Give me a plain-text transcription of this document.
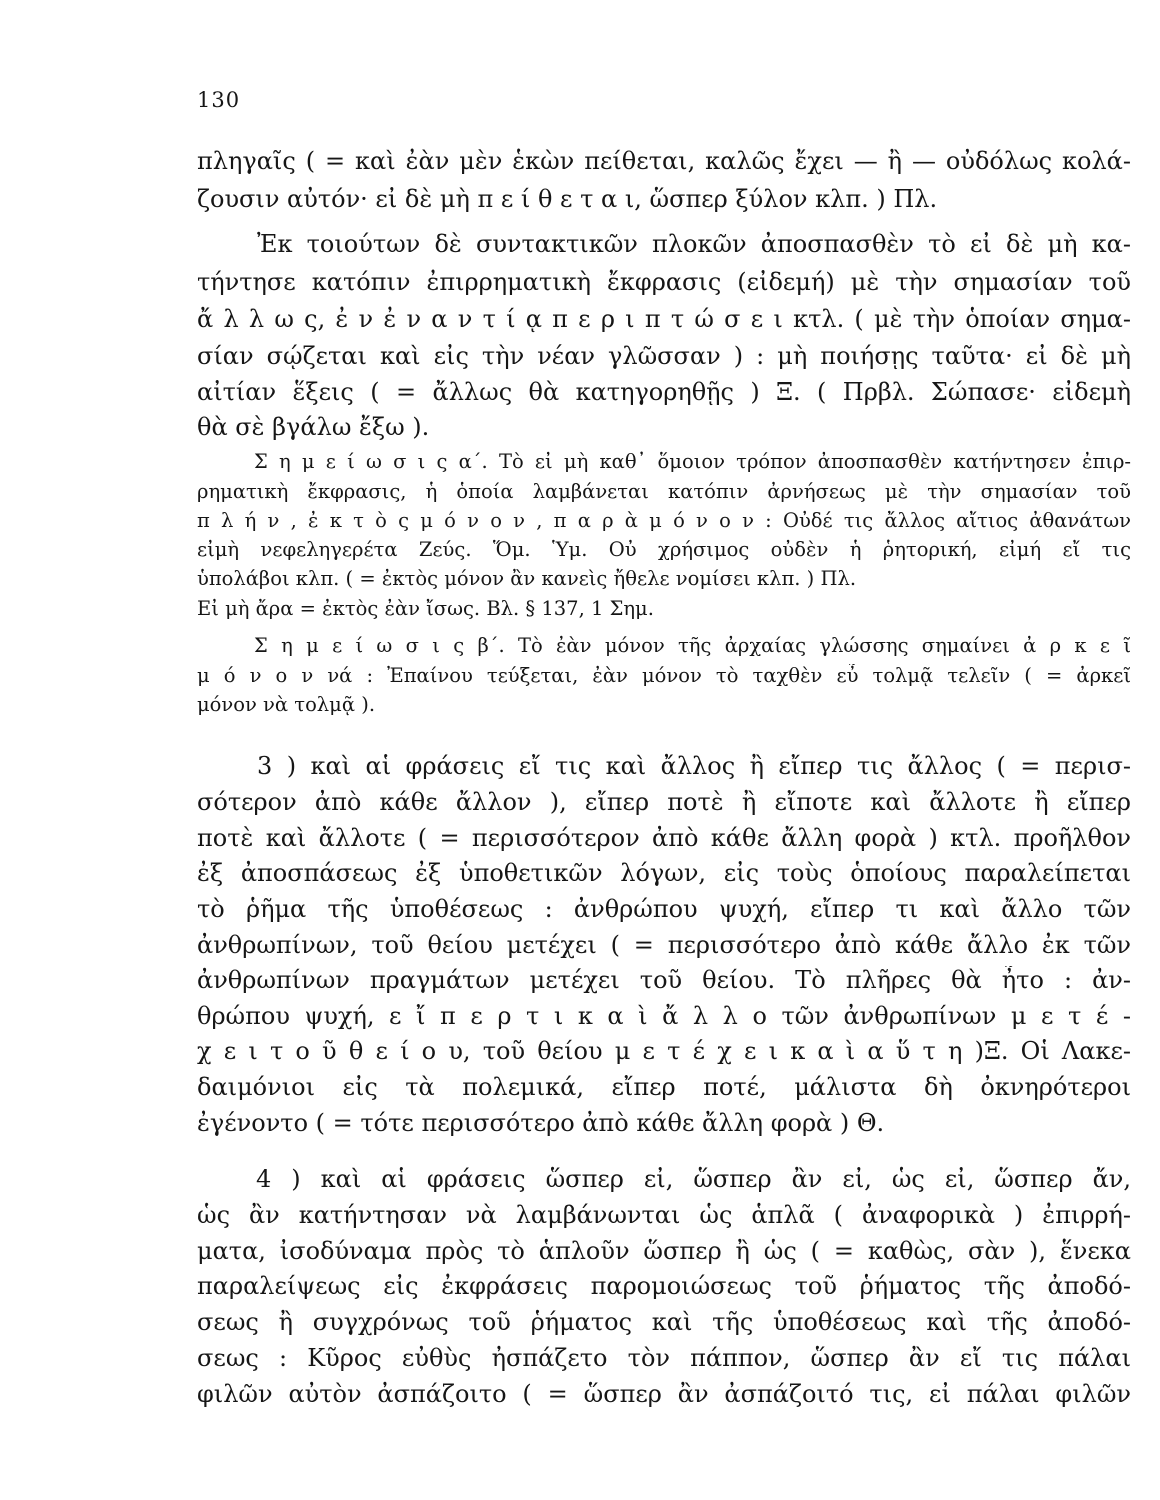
130
πληγαῖς ( = καὶ ἐὰν μὲν ἑκὼν πείθεται, καλῶς ἔχει — ἢ — οὐδόλως κολά-
ζουσιν αὐτόν· εἰ δὲ μὴ π ε ί θ ε τ α ι, ὥσπερ ξύλον κλπ. ) Πλ.
Ἐκ τοιούτων δὲ συντακτικῶν πλοκῶν ἀποσπασθὲν τὸ εἰ δὲ μὴ κα-
τήντησε κατόπιν ἐπιρρηματικὴ ἔκφρασις (εἰδεμή) μὲ τὴν σημασίαν τοῦ
ἄ λ λ ω ς, ἐ ν ἐ ν α ν τ ί ᾳ π ε ρ ι π τ ώ σ ε ι κτλ. ( μὲ τὴν ὁποίαν σημα-
σίαν σῴζεται καὶ εἰς τὴν νέαν γλῶσσαν ) : μὴ ποιήσῃς ταῦτα· εἰ δὲ μὴ
αἰτίαν ἕξεις ( = ἄλλως θὰ κατηγορηθῇς ) Ξ. ( Πρβλ. Σώπασε· εἰδεμὴ
θὰ σὲ βγάλω ἔξω ).
Σ η μ ε ί ω σ ι ς α΄. Τὸ εἰ μὴ καθ᾽ ὅμοιον τρόπον ἀποσπασθὲν κατήντησεν ἐπιρ-
ρηματικὴ ἔκφρασις, ἡ ὁποία λαμβάνεται κατόπιν ἀρνήσεως μὲ τὴν σημασίαν τοῦ
π λ ή ν , ἐ κ τ ὸ ς μ ό ν ο ν , π α ρ ὰ μ ό ν ο ν : Οὐδέ τις ἄλλος αἴτιος ἀθανάτων
εἰμὴ νεφεληγερέτα Ζεύς. Ὅμ. Ὑμ. Οὐ χρήσιμος οὐδὲν ἡ ῥητορική, εἰμή εἴ τις
ὑπολάβοι κλπ. ( = ἐκτὸς μόνον ἂν κανεὶς ἤθελε νομίσει κλπ. ) Πλ.
Εἰ μὴ ἄρα = ἐκτὸς ἐὰν ἴσως. Βλ. § 137, 1 Σημ.
Σ η μ ε ί ω σ ι ς β΄. Τὸ ἐὰν μόνον τῆς ἀρχαίας γλώσσης σημαίνει ἀ ρ κ ε ῖ
μ ό ν ο ν νά : Ἐπαίνου τεύξεται, ἐὰν μόνον τὸ ταχθὲν εὖ τολμᾷ τελεῖν ( = ἀρκεῖ
μόνον νὰ τολμᾷ ).
3 ) καὶ αἱ φράσεις εἴ τις καὶ ἄλλος ἢ εἴπερ τις ἄλλος ( = περισ-
σότερον ἀπὸ κάθε ἄλλον ), εἴπερ ποτὲ ἢ εἴποτε καὶ ἄλλοτε ἢ εἴπερ
ποτὲ καὶ ἄλλοτε ( = περισσότερον ἀπὸ κάθε ἄλλη φορὰ ) κτλ. προῆλθον
ἐξ ἀποσπάσεως ἐξ ὑποθετικῶν λόγων, εἰς τοὺς ὁποίους παραλείπεται
τὸ ῥῆμα τῆς ὑποθέσεως : ἀνθρώπου ψυχή, εἴπερ τι καὶ ἄλλο τῶν
ἀνθρωπίνων, τοῦ θείου μετέχει ( = περισσότερο ἀπὸ κάθε ἄλλο ἐκ τῶν
ἀνθρωπίνων πραγμάτων μετέχει τοῦ θείου. Τὸ πλῆρες θὰ ἦτο : ἀν-
θρώπου ψυχή, ε ἴ π ε ρ τ ι κ α ὶ ἄ λ λ ο τῶν ἀνθρωπίνων μ ε τ έ -
χ ε ι τ ο ῦ θ ε ί ο υ, τοῦ θείου μ ε τ έ χ ε ι κ α ὶ α ὕ τ η )Ξ. Οἱ Λακε-
δαιμόνιοι εἰς τὰ πολεμικά, εἴπερ ποτέ, μάλιστα δὴ ὀκνηρότεροι
ἐγένοντο ( = τότε περισσότερο ἀπὸ κάθε ἄλλη φορὰ ) Θ.
4 ) καὶ αἱ φράσεις ὥσπερ εἰ, ὥσπερ ἂν εἰ, ὡς εἰ, ὥσπερ ἄν,
ὡς ἂν κατήντησαν νὰ λαμβάνωνται ὡς ἁπλᾶ ( ἀναφορικὰ ) ἐπιρρή-
ματα, ἰσοδύναμα πρὸς τὸ ἁπλοῦν ὥσπερ ἢ ὡς ( = καθὼς, σὰν ), ἕνεκα
παραλείψεως εἰς ἐκφράσεις παρομοιώσεως τοῦ ῥήματος τῆς ἀποδό-
σεως ἢ συγχρόνως τοῦ ῥήματος καὶ τῆς ὑποθέσεως καὶ τῆς ἀποδό-
σεως : Κῦρος εὐθὺς ἠσπάζετο τὸν πάππον, ὥσπερ ἂν εἴ τις πάλαι
φιλῶν αὐτὸν ἀσπάζοιτο ( = ὥσπερ ἂν ἀσπάζοιτό τις, εἰ πάλαι φιλῶν
